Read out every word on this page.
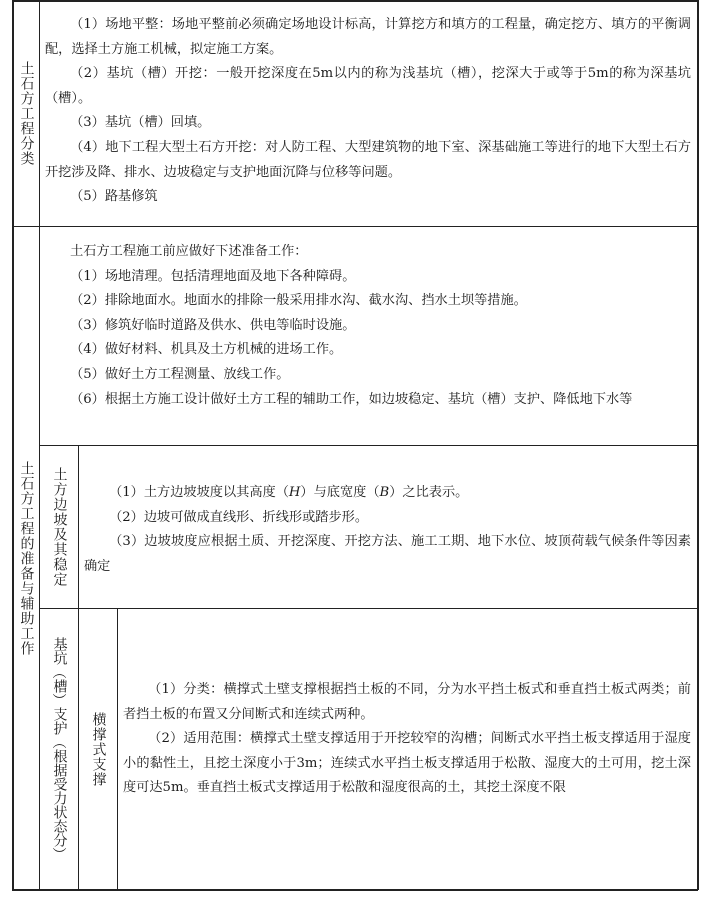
土石方工程分类

（1）场地平整：场地平整前必须确定场地设计标高，计算挖方和填方的工程量，确定挖方、填方的平衡调配，选择土方施工机械，拟定施工方案。

（2）基坑（槽）开挖：一般开挖深度在5m以内的称为浅基坑（槽），挖深大于或等于5m的称为深基坑（槽）。

（3）基坑（槽）回填。

（4）地下工程大型土石方开挖：对人防工程、大型建筑物的地下室、深基础施工等进行的地下大型土石方开挖涉及降、排水、边坡稳定与支护地面沉降与位移等问题。

（5）路基修筑

土石方工程的准备与辅助工作

土石方工程施工前应做好下述准备工作：

（1）场地清理。包括清理地面及地下各种障碍。

（2）排除地面水。地面水的排除一般采用排水沟、截水沟、挡水土坝等措施。

（3）修筑好临时道路及供水、供电等临时设施。

（4）做好材料、机具及土方机械的进场工作。

（5）做好土方工程测量、放线工作。

（6）根据土方施工设计做好土方工程的辅助工作，如边坡稳定、基坑（槽）支护、降低地下水等

土方边坡及其稳定	（1）土方边坡坡度以其高度（H）与底宽度（B）之比表示。

（2）边坡可做成直线形、折线形或踏步形。

（3）边坡坡度应根据土质、开挖深度、开挖方法、施工工期、地下水位、坡顶荷载气候条件等因素确定

基坑
（
槽
）
支护
（
根据受力状态分
）
横撑式支撑

（1）分类：横撑式土壁支撑根据挡土板的不同，分为水平挡土板式和垂直挡土板式两类；前者挡土板的布置又分间断式和连续式两种。

（2）适用范围：横撑式土壁支撑适用于开挖较窄的沟槽；间断式水平挡土板支撑适用于湿度小的黏性土，且挖土深度小于3m；连续式水平挡土板支撑适用于松散、湿度大的土可用，挖土深度可达5m。垂直挡土板式支撑适用于松散和湿度很高的土，其挖土深度不限
